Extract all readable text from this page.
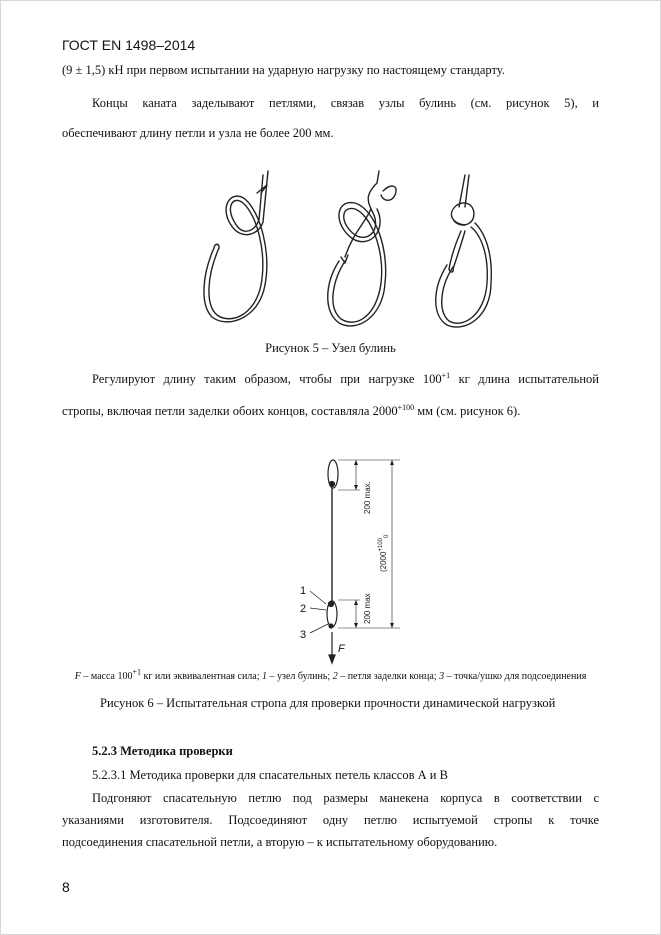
ГОСТ EN 1498–2014
(9 ± 1,5) кН при первом испытании на ударную нагрузку по настоящему стандарту.
Концы каната заделывают петлями, связав узлы булинь (см. рисунок 5), и
обеспечивают длину петли и узла не более 200 мм.
Рисунок 5 – Узел булинь
Регулируют длину таким образом, чтобы при нагрузке $100^{+1}$ кг длина испытательной
стропы, включая петли заделки обоих концов, составляла $2000^{+100}$ мм (см. рисунок 6).
1
2
3
F
200 max.
200 max
($2000^{+100}_0$
F – масса $100^{+1}$ кг или эквивалентная сила; 1 – узел булинь; 2 – петля заделки конца; 3 – точка/ушко для подсоединения
Рисунок 6 – Испытательная стропа для проверки прочности динамической нагрузкой
5.2.3 Методика проверки
5.2.3.1 Методика проверки для спасательных петель классов А и В
Подгоняют спасательную петлю под размеры манекена корпуса в соответствии с
указаниями изготовителя. Подсоединяют одну петлю испытуемой стропы к точке
подсоединения спасательной петли, а вторую – к испытательному оборудованию.
8
